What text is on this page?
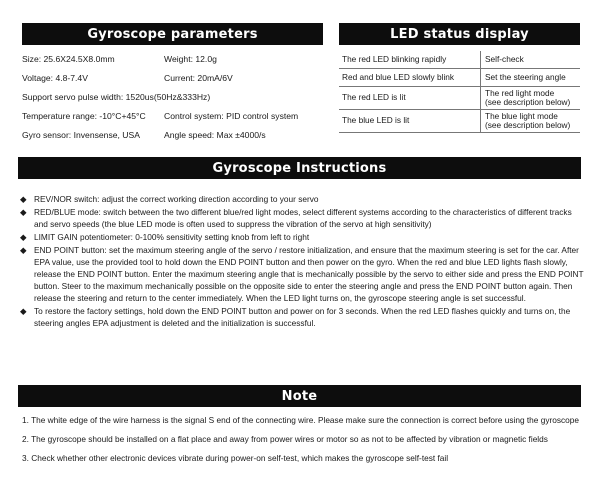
Gyroscope parameters	LED status display
Gyroscope Instructions
Note
Size: 25.6X24.5X8.0mm	Weight: 12.0g
Voltage: 4.8-7.4V	Current: 20mA/6V
Support servo pulse width: 1520us(50Hz&333Hz)
Temperature range: -10°C+45°C Control system: PID control system
Gyro sensor: Invensense, USA	Angle speed: Max ±4000/s
The red LED blinking rapidly	Self-check
Red and blue LED slowly blink	Set the steering angle
The red LED is lit	The red light mode
(see description below)

The blue LED is lit	The blue light mode
(see description below)
◆ REV/NOR switch: adjust the correct working direction according to your servo
◆ RED/BLUE mode: switch between the two different blue/red light modes, select different systems according to the characteristics of different tracks and servo speeds (the blue LED mode is often used to suppress the vibration of the servo at high sensitivity)
◆ LIMIT GAIN potentiometer: 0-100% sensitivity setting knob from left to right
◆ END POINT button: set the maximum steering angle of the servo / restore initialization, and ensure that the maximum steering is set for the car. After EPA value, use the provided tool to hold down the END POINT button and then power on the gyro. When the red and blue LED lights flash slowly, release the END POINT button. Enter the maximum steering angle that is mechanically possible by the servo to either side and press the END POINT button. Steer to the maximum mechanically possible on the opposite side to enter the steering angle and press the END POINT button again. Then release the steering and return to the center immediately. When the LED light turns on, the gyroscope steering angle is set successful.
◆ To restore the factory settings, hold down the END POINT button and power on for 3 seconds. When the red LED flashes quickly and turns on, the steering angles EPA adjustment is deleted and the initialization is successful.
1. The white edge of the wire harness is the signal S end of the connecting wire. Please make sure the connection is correct before using the gyroscope
2. The gyroscope should be installed on a flat place and away from power wires or motor so as not to be affected by vibration or magnetic fields
3. Check whether other electronic devices vibrate during power-on self-test, which makes the gyroscope self-test fail
